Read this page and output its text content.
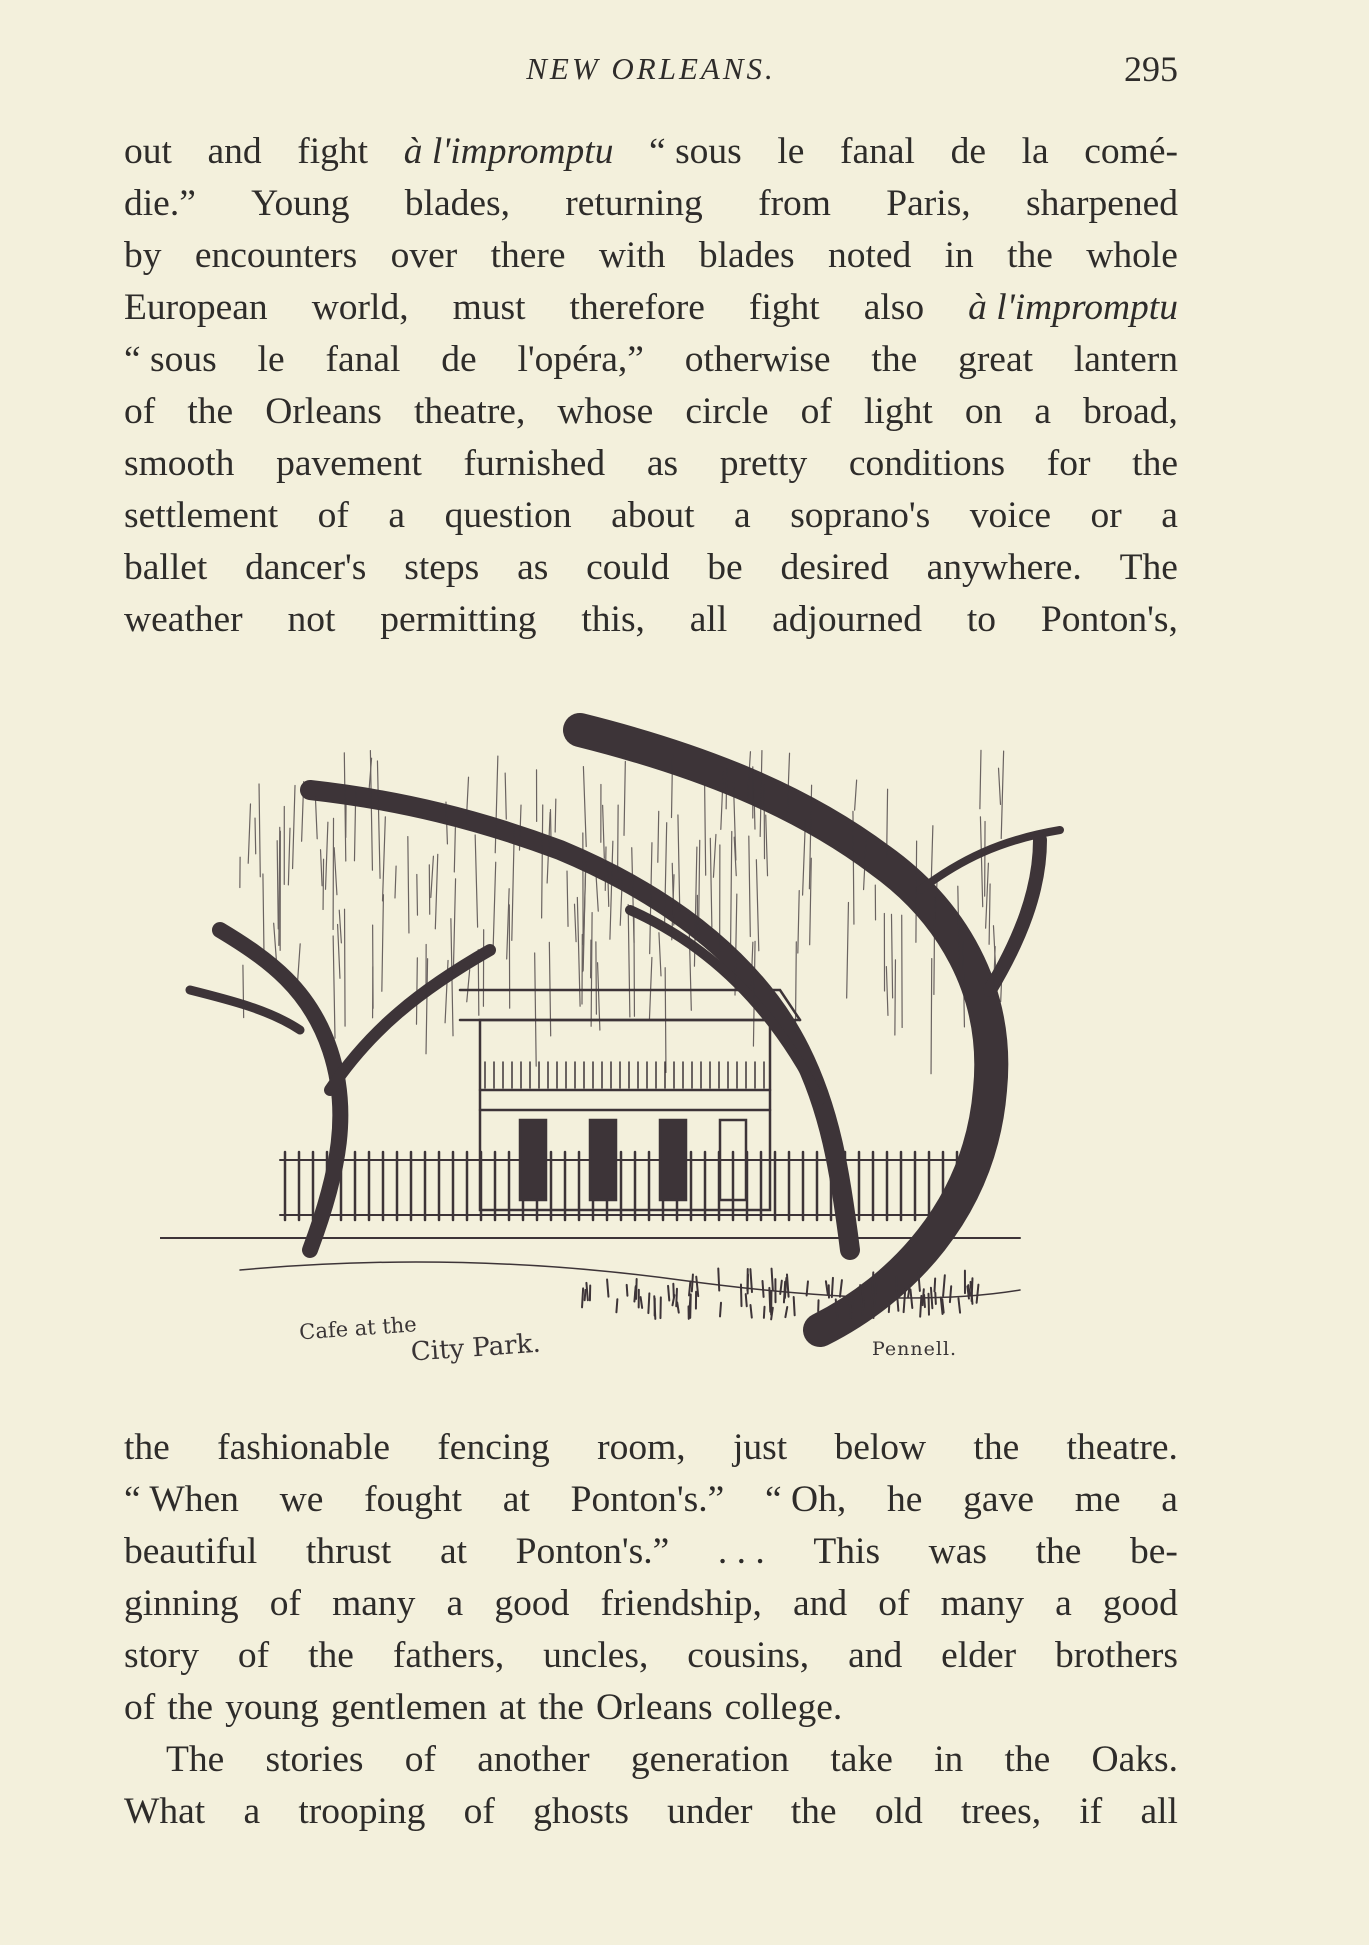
NEW ORLEANS.	295
out and fight à l'impromptu “ sous le fanal de la comé-
die.” Young blades, returning from Paris, sharpened
by encounters over there with blades noted in the whole
European world, must therefore fight also à l'impromptu
“ sous le fanal de l'opéra,” otherwise the great lantern
of the Orleans theatre, whose circle of light on a broad,
smooth pavement furnished as pretty conditions for the
settlement of a question about a soprano's voice or a
ballet dancer's steps as could be desired anywhere. The
weather not permitting this, all adjourned to Ponton's,
Cafe at the
City Park.	Pennell.
the fashionable fencing room, just below the theatre.
“ When we fought at Ponton's.” “ Oh, he gave me a
beautiful thrust at Ponton's.” . . . This was the be-
ginning of many a good friendship, and of many a good
story of the fathers, uncles, cousins, and elder brothers
of the young gentlemen at the Orleans college.
The stories of another generation take in the Oaks.
What a trooping of ghosts under the old trees, if all
